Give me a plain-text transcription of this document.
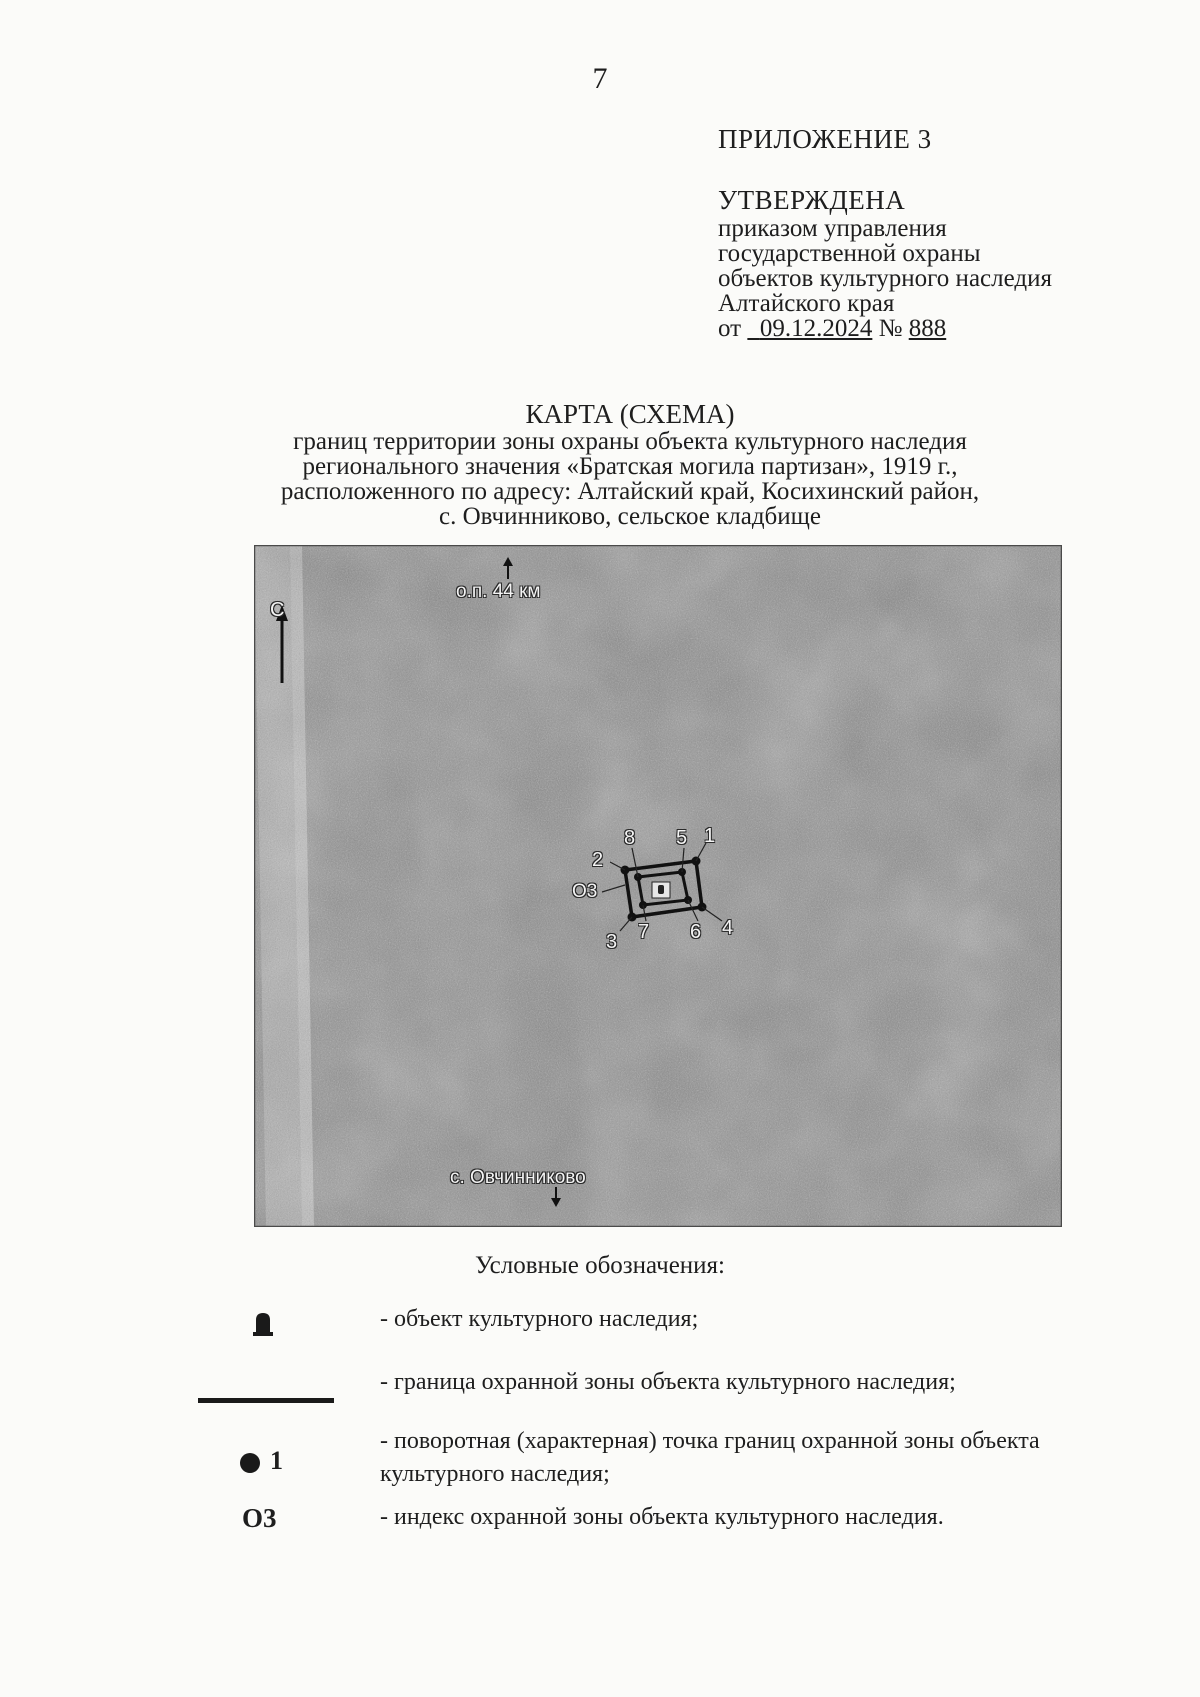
7
ПРИЛОЖЕНИЕ 3
УТВЕРЖДЕНА
приказом управления
государственной охраны
объектов культурного наследия
Алтайского края
от 09.12.2024 № 888
КАРТА (СХЕМА)
границ территории зоны охраны объекта культурного наследия
регионального значения «Братская могила партизан», 1919 г.,
расположенного по адресу: Алтайский край, Косихинский район,
с. Овчинниково, сельское кладбище
С
о.п. 44 км
с. Овчинниково
О3
1
2
3
4
5
6
7
8
Условные обозначения:
- объект культурного наследия;
- граница охранной зоны объекта культурного наследия;
1
- поворотная (характерная) точка границ охранной зоны объекта культурного наследия;
О3	- индекс охранной зоны объекта культурного наследия.
